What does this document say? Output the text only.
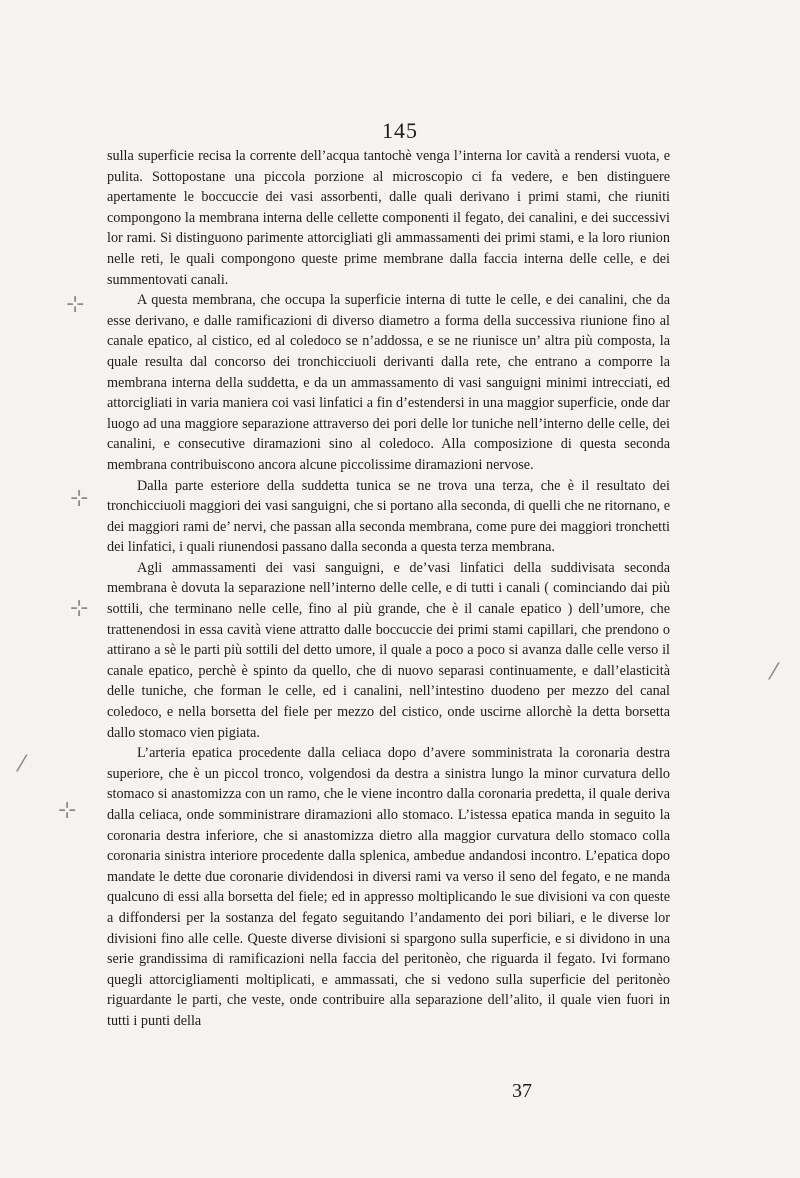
145

sulla superficie recisa la corrente dell’acqua tantochè venga l’interna lor cavità a rendersi vuota, e pulita. Sottopostane una piccola porzione al microscopio ci fa vedere, e ben distinguere apertamente le boccuccie dei vasi assorbenti, dalle quali derivano i primi stami, che riuniti compongono la membrana interna delle cellette componenti il fegato, dei canalini, e dei successivi lor rami. Si distinguono parimente attorcigliati gli ammassamenti dei primi stami, e la loro riunion nelle reti, le quali compongono queste prime membrane dalla faccia interna delle celle, e dei summentovati canali.

A questa membrana, che occupa la superficie interna di tutte le celle, e dei canalini, che da esse derivano, e dalle ramificazioni di diverso diametro a forma della successiva riunione fino al canale epatico, al cistico, ed al coledoco se n’addossa, e se ne riunisce un’ altra più composta, la quale resulta dal concorso dei tronchicciuoli derivanti dalla rete, che entrano a comporre la membrana interna della suddetta, e da un ammassamento di vasi sanguigni minimi intrecciati, ed attorcigliati in varia maniera coi vasi linfatici a fin d’estendersi in una maggior superficie, onde dar luogo ad una maggiore separazione attraverso dei pori delle lor tuniche nell’interno delle celle, dei canalini, e consecutive diramazioni sino al coledoco. Alla composizione di questa seconda membrana contribuiscono ancora alcune piccolissime diramazioni nervose.

Dalla parte esteriore della suddetta tunica se ne trova una terza, che è il resultato dei tronchicciuoli maggiori dei vasi sanguigni, che si portano alla seconda, di quelli che ne ritornano, e dei maggiori rami de’ nervi, che passan alla seconda membrana, come pure dei maggiori tronchetti dei linfatici, i quali riunendosi passano dalla seconda a questa terza membrana.

Agli ammassamenti dei vasi sanguigni, e de’vasi linfatici della suddivisata seconda membrana è dovuta la separazione nell’interno delle celle, e di tutti i canali ( cominciando dai più sottili, che terminano nelle celle, fino al più grande, che è il canale epatico ) dell’umore, che trattenendosi in essa cavità viene attratto dalle boccuccie dei primi stami capillari, che prendono o attirano a sè le parti più sottili del detto umore, il quale a poco a poco si avanza dalle celle verso il canale epatico, perchè è spinto da quello, che di nuovo separasi continuamente, e dall’elasticità delle tuniche, che forman le celle, ed i canalini, nell’intestino duodeno per mezzo del canal coledoco, e nella borsetta del fiele per mezzo del cistico, onde uscirne allorchè la detta borsetta dallo stomaco vien pigiata.

L’arteria epatica procedente dalla celiaca dopo d’avere somministrata la coronaria destra superiore, che è un piccol tronco, volgendosi da destra a sinistra lungo la minor curvatura dello stomaco si anastomizza con un ramo, che le viene incontro dalla coronaria predetta, il quale deriva dalla celiaca, onde somministrare diramazioni allo stomaco. L’istessa epatica manda in seguito la coronaria destra inferiore, che si anastomizza dietro alla maggior curvatura dello stomaco colla coronaria sinistra interiore procedente dalla splenica, ambedue andandosi incontro. L’epatica dopo mandate le dette due coronarie dividendosi in diversi rami va verso il seno del fegato, e ne manda qualcuno di essi alla borsetta del fiele; ed in appresso moltiplicando le sue divisioni va con queste a diffondersi per la sostanza del fegato seguitando l’andamento dei pori biliari, e le diverse lor divisioni fino alle celle. Queste diverse divisioni si spargono sulla superficie, e si dividono in una serie grandissima di ramificazioni nella faccia del peritonèo, che riguarda il fegato. Ivi formano quegli attorcigliamenti moltiplicati, e ammassati, che si vedono sulla superficie del peritonèo riguardante le parti, che veste, onde contribuire alla separazione dell’alito, il quale vien fuori in tutti i punti della

37
⊹
⊹
⊹
⊹
⁄
⁄
